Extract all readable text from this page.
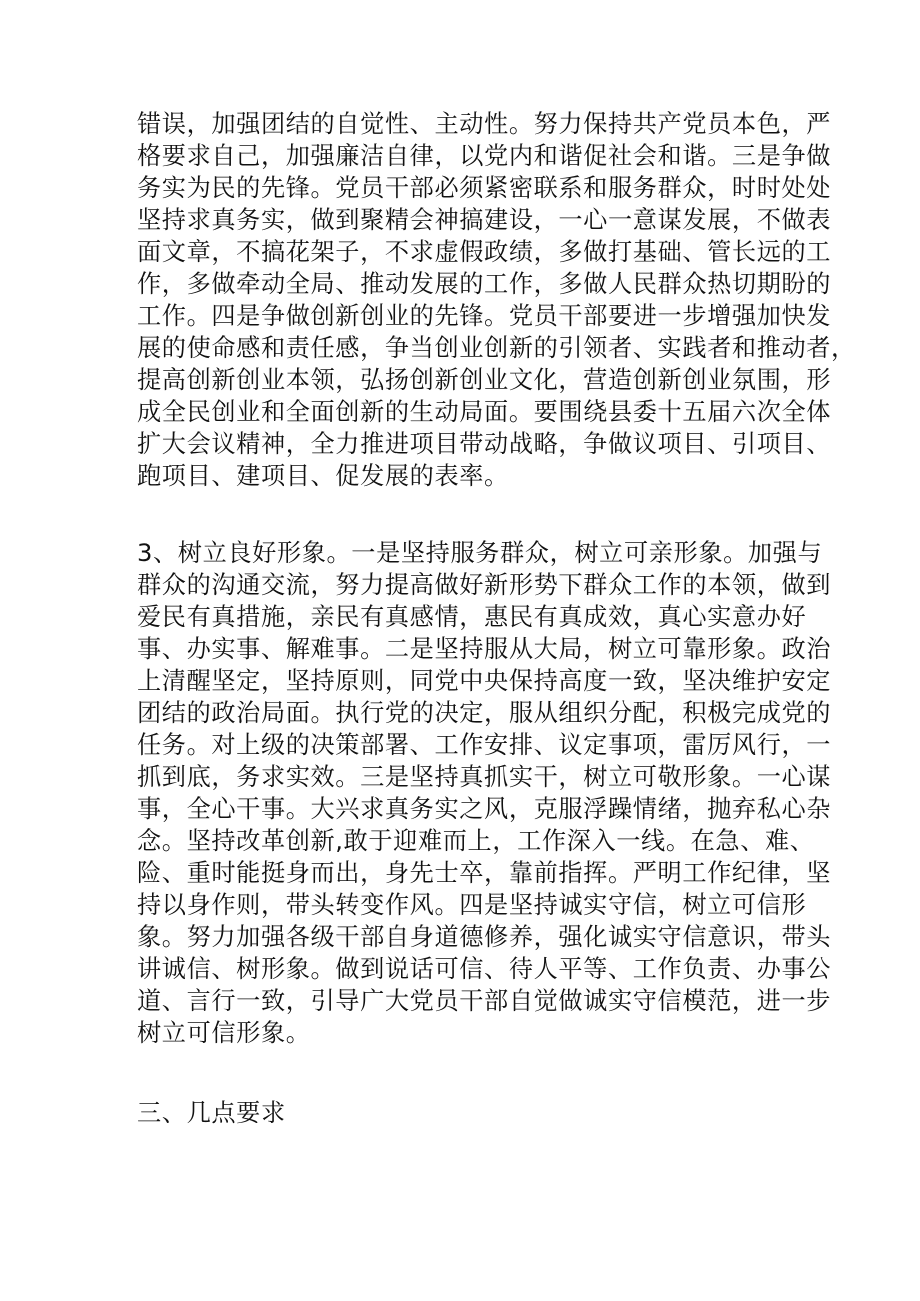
错误，加强团结的自觉性、主动性。努力保持共产党员本色，严
格要求自己，加强廉洁自律，以党内和谐促社会和谐。三是争做
务实为民的先锋。党员干部必须紧密联系和服务群众，时时处处
坚持求真务实，做到聚精会神搞建设，一心一意谋发展，不做表
面文章，不搞花架子，不求虚假政绩，多做打基础、管长远的工
作，多做牵动全局、推动发展的工作，多做人民群众热切期盼的
工作。四是争做创新创业的先锋。党员干部要进一步增强加快发
展的使命感和责任感，争当创业创新的引领者、实践者和推动者，
提高创新创业本领，弘扬创新创业文化，营造创新创业氛围，形
成全民创业和全面创新的生动局面。要围绕县委十五届六次全体
扩大会议精神，全力推进项目带动战略，争做议项目、引项目、
跑项目、建项目、促发展的表率。
3、树立良好形象。一是坚持服务群众，树立可亲形象。加强与
群众的沟通交流，努力提高做好新形势下群众工作的本领，做到
爱民有真措施，亲民有真感情，惠民有真成效，真心实意办好
事、办实事、解难事。二是坚持服从大局，树立可靠形象。政治
上清醒坚定，坚持原则，同党中央保持高度一致，坚决维护安定
团结的政治局面。执行党的决定，服从组织分配，积极完成党的
任务。对上级的决策部署、工作安排、议定事项，雷厉风行，一
抓到底，务求实效。三是坚持真抓实干，树立可敬形象。一心谋
事，全心干事。大兴求真务实之风，克服浮躁情绪，抛弃私心杂
念。坚持改革创新,敢于迎难而上，工作深入一线。在急、难、
险、重时能挺身而出，身先士卒，靠前指挥。严明工作纪律，坚
持以身作则，带头转变作风。四是坚持诚实守信，树立可信形
象。努力加强各级干部自身道德修养，强化诚实守信意识，带头
讲诚信、树形象。做到说话可信、待人平等、工作负责、办事公
道、言行一致，引导广大党员干部自觉做诚实守信模范，进一步
树立可信形象。
三、几点要求
